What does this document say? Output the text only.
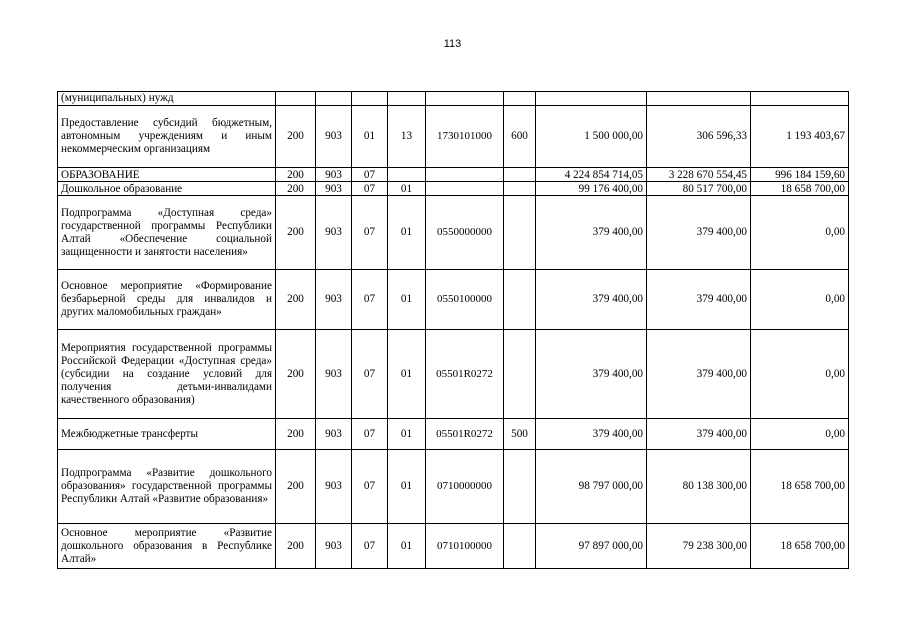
113
(муниципальных) нужд									
Предоставление субсидий бюджетным, автономным учреждениям и иным некоммерческим организациям	200	903	01	13	1730101000	600	1 500 000,00	306 596,33	1 193 403,67
ОБРАЗОВАНИЕ	200	903	07				4 224 854 714,05	3 228 670 554,45	996 184 159,60
Дошкольное образование	200	903	07	01			99 176 400,00	80 517 700,00	18 658 700,00
Подпрограмма «Доступная среда» государственной программы Республики Алтай «Обеспечение социальной защищенности и занятости населения»	200	903	07	01	0550000000		379 400,00	379 400,00	0,00
Основное мероприятие «Формирование безбарьерной среды для инвалидов и других маломобильных граждан»	200	903	07	01	0550100000		379 400,00	379 400,00	0,00
Мероприятия государственной программы Российской Федерации «Доступная среда» (субсидии на создание условий для получения детьми-инвалидами качественного образования)	200	903	07	01	05501R0272		379 400,00	379 400,00	0,00
Межбюджетные трансферты	200	903	07	01	05501R0272	500	379 400,00	379 400,00	0,00
Подпрограмма «Развитие дошкольного образования» государственной программы Республики Алтай «Развитие образования»	200	903	07	01	0710000000		98 797 000,00	80 138 300,00	18 658 700,00
Основное мероприятие «Развитие дошкольного образования в Республике Алтай»	200	903	07	01	0710100000		97 897 000,00	79 238 300,00	18 658 700,00
